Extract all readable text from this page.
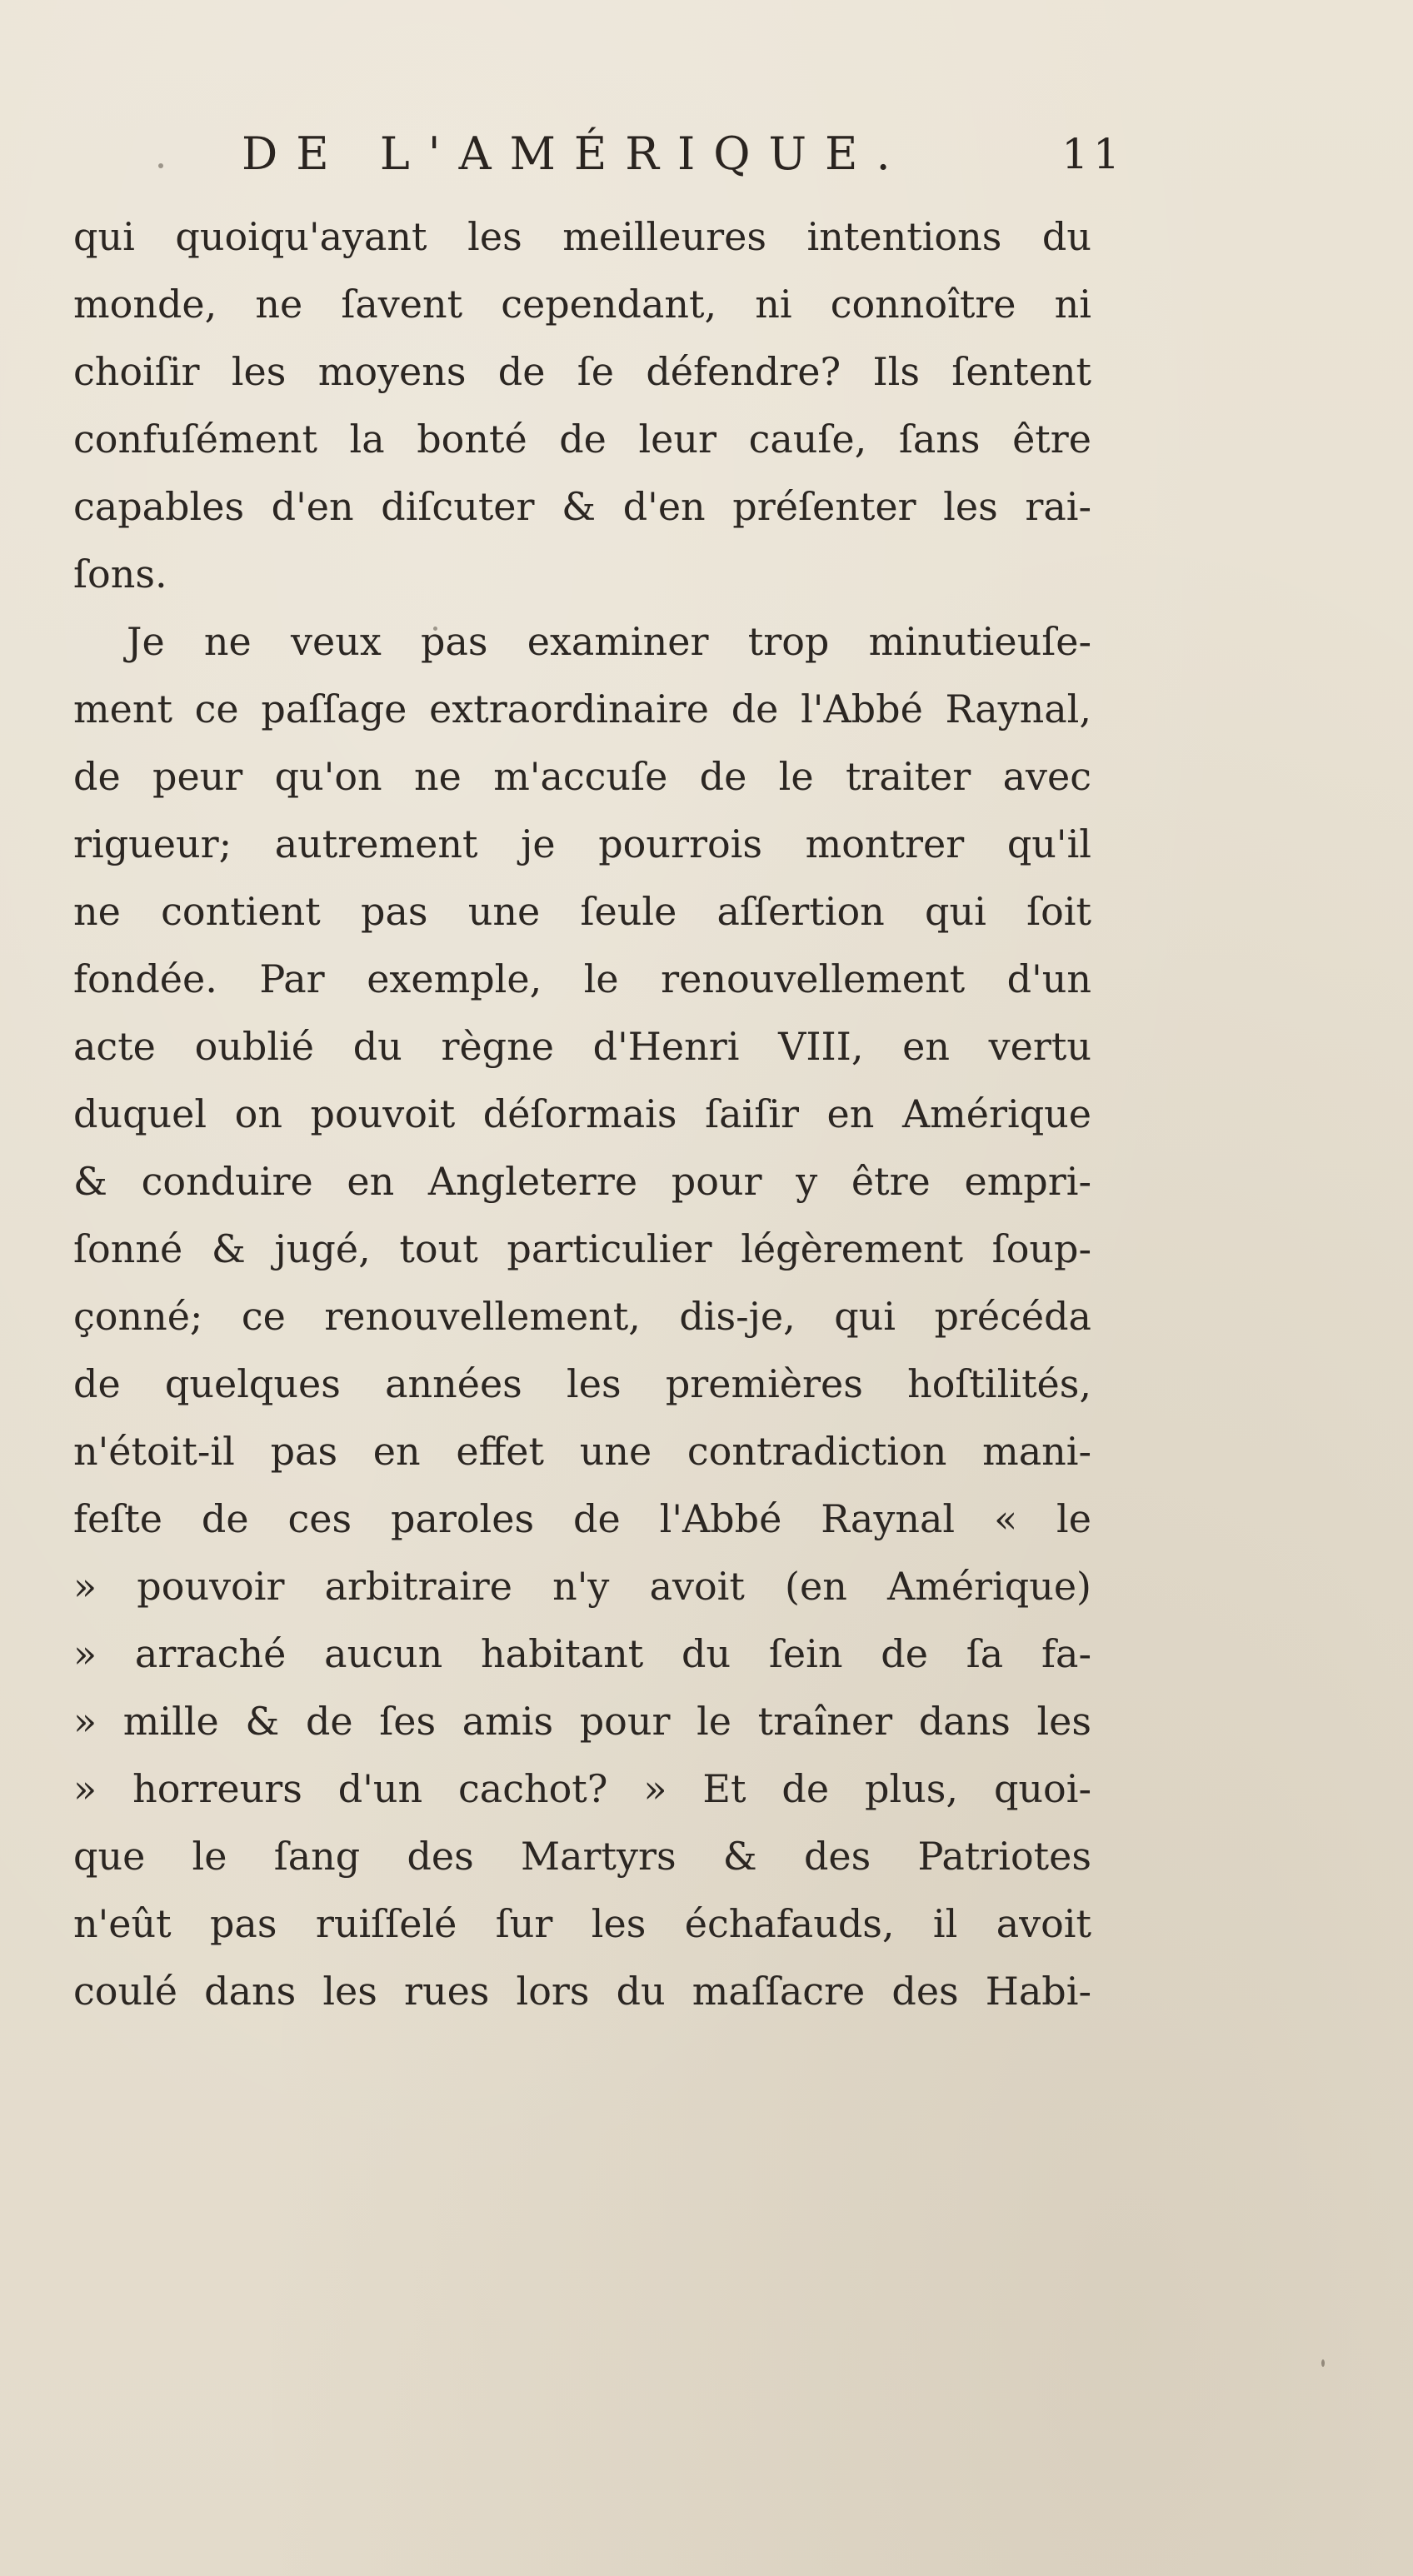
DE L'AMÉRIQUE.	11
qui quoiqu'ayant les meilleures intentions du
monde, ne ſavent cependant, ni connoître ni
choiſir les moyens de ſe défendre? Ils ſentent
confuſément la bonté de leur cauſe, ſans être
capables d'en diſcuter & d'en préſenter les rai-
ſons.
Je ne veux pas examiner trop minutieuſe-
ment ce paſſage extraordinaire de l'Abbé Raynal,
de peur qu'on ne m'accuſe de le traiter avec
rigueur; autrement je pourrois montrer qu'il
ne contient pas une ſeule aſſertion qui ſoit
fondée. Par exemple, le renouvellement d'un
acte oublié du règne d'Henri VIII, en vertu
duquel on pouvoit déſormais ſaiſir en Amérique
& conduire en Angleterre pour y être empri-
ſonné & jugé, tout particulier légèrement ſoup-
çonné; ce renouvellement, dis-je, qui précéda
de quelques années les premières hoſtilités,
n'étoit-il pas en effet une contradiction mani-
feſte de ces paroles de l'Abbé Raynal « le
» pouvoir arbitraire n'y avoit (en Amérique)
» arraché aucun habitant du ſein de ſa fa-
» mille & de ſes amis pour le traîner dans les
» horreurs d'un cachot? » Et de plus, quoi-
que le ſang des Martyrs & des Patriotes
n'eût pas ruiſſelé ſur les échafauds, il avoit
coulé dans les rues lors du maſſacre des Habi-
